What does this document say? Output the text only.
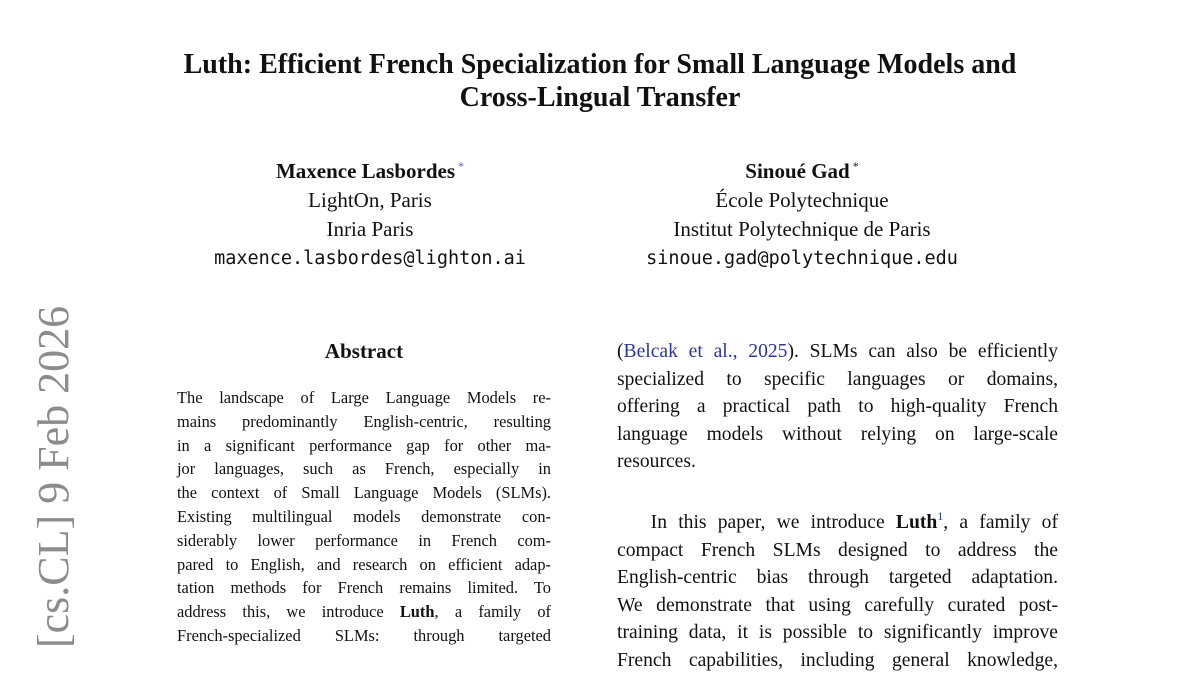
Luth: Efficient French Specialization for Small Language Models and
Cross-Lingual Transfer
Maxence Lasbordes *
LightOn, Paris
Inria Paris
maxence.lasbordes@lighton.ai
Sinoué Gad *
École Polytechnique
Institut Polytechnique de Paris
sinoue.gad@polytechnique.edu
[cs.CL] 9 Feb 2026	Abstract
The landscape of Large Language Models re-
mains predominantly English-centric, resulting
in a significant performance gap for other ma-
jor languages, such as French, especially in
the context of Small Language Models (SLMs).
Existing multilingual models demonstrate con-
siderably lower performance in French com-
pared to English, and research on efficient adap-
tation methods for French remains limited. To
address this, we introduce Luth, a family of
French-specialized SLMs: through targeted
(Belcak et al., 2025). SLMs can also be efficiently
specialized to specific languages or domains,
offering a practical path to high-quality French
language models without relying on large-scale
resources.
In this paper, we introduce Luth$^1$, a family of
compact French SLMs designed to address the
English-centric bias through targeted adaptation.
We demonstrate that using carefully curated post-
training data, it is possible to significantly improve
French capabilities, including general knowledge,
